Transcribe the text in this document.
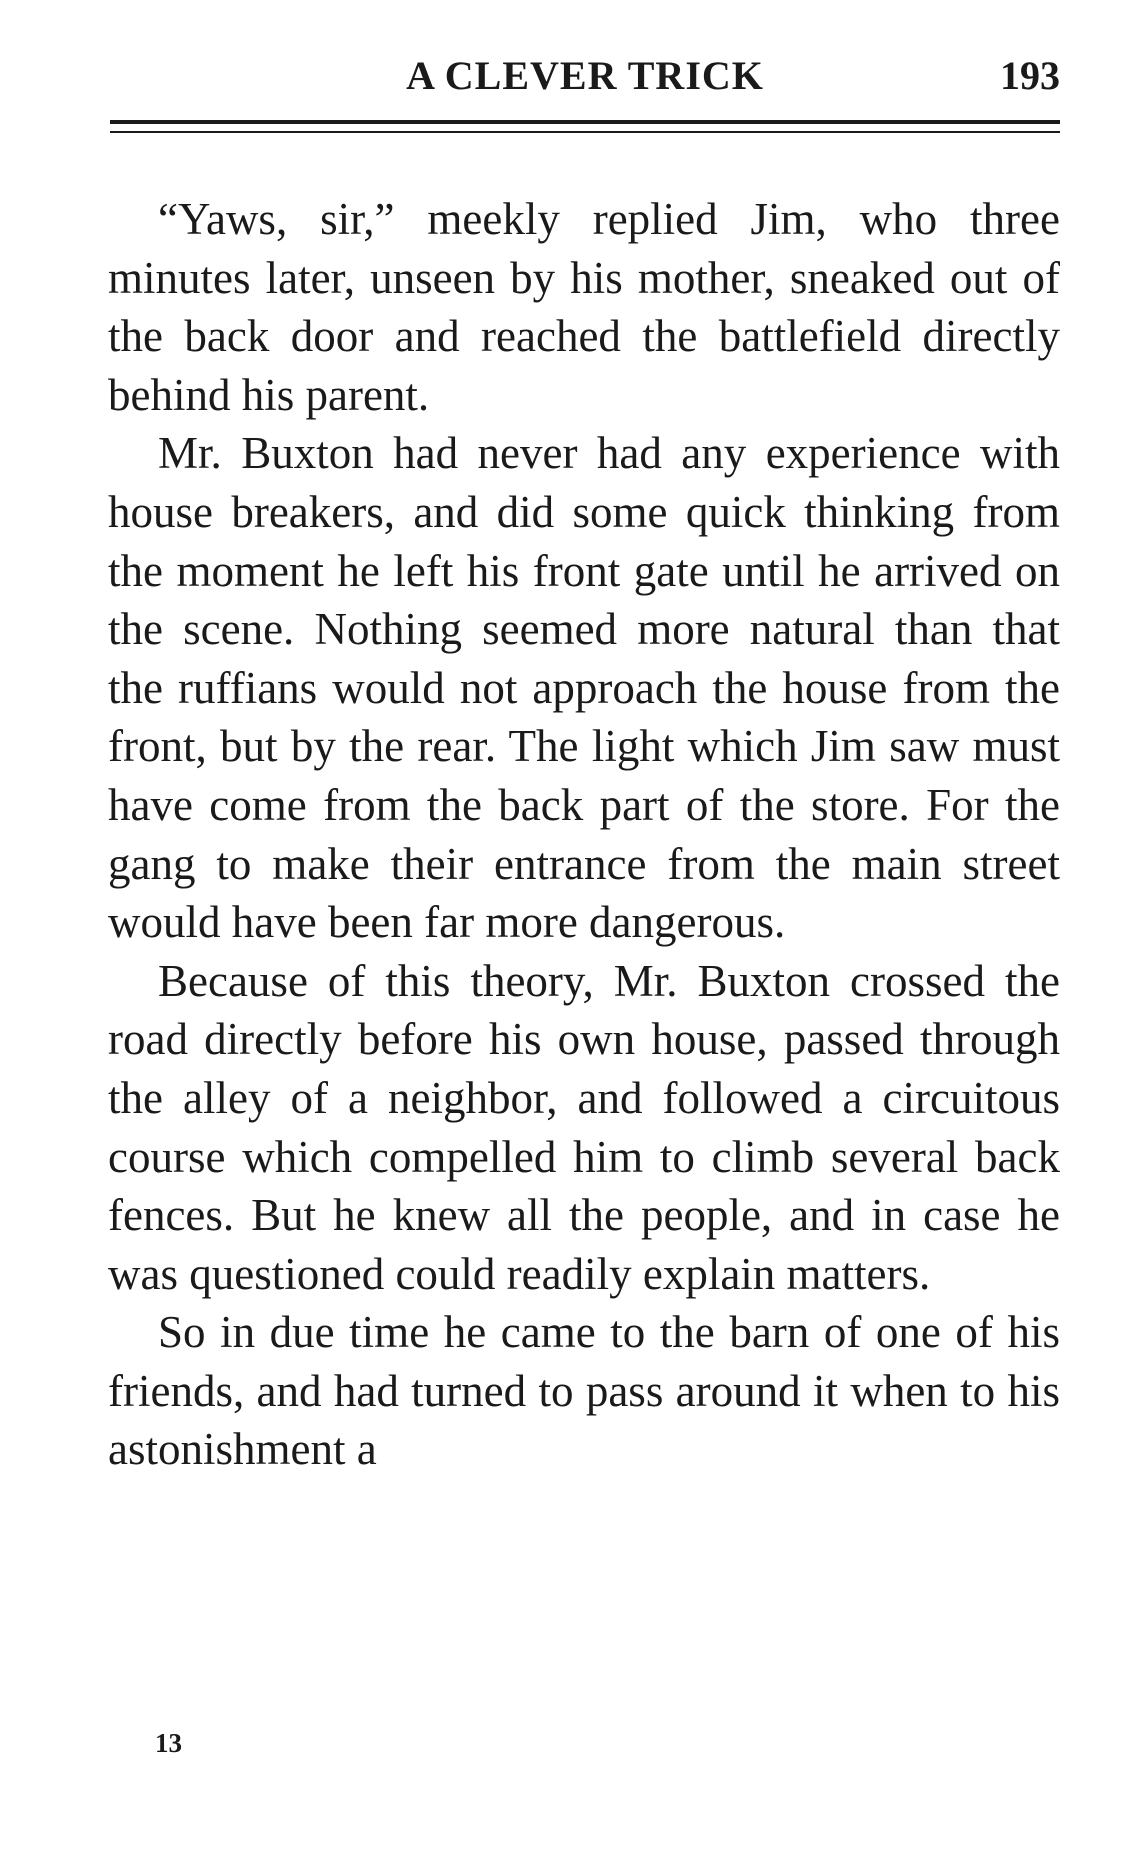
A CLEVER TRICK	193

“Yaws, sir,” meekly replied Jim, who three minutes later, unseen by his mother, sneaked out of the back door and reached the battlefield directly behind his parent.

Mr. Buxton had never had any experience with house breakers, and did some quick thinking from the moment he left his front gate until he arrived on the scene. Nothing seemed more natural than that the ruffians would not approach the house from the front, but by the rear. The light which Jim saw must have come from the back part of the store. For the gang to make their entrance from the main street would have been far more dangerous.

Because of this theory, Mr. Buxton crossed the road directly before his own house, passed through the alley of a neighbor, and followed a circuitous course which compelled him to climb several back fences. But he knew all the people, and in case he was questioned could readily explain matters.

So in due time he came to the barn of one of his friends, and had turned to pass around it when to his astonishment a

13
